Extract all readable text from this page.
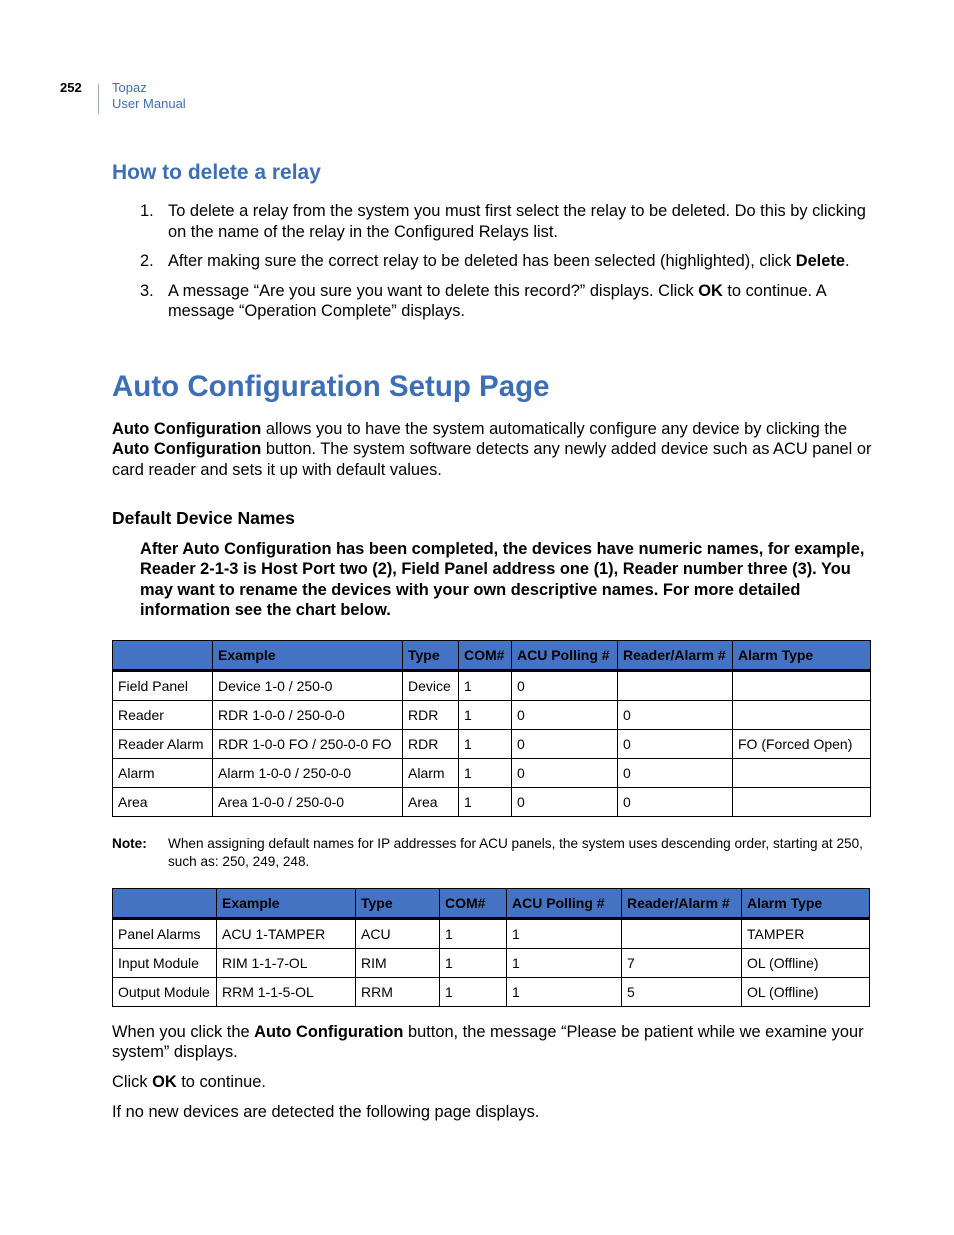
252 Topaz
User Manual
How to delete a relay
1. To delete a relay from the system you must first select the relay to be deleted. Do this by clicking on the name of the relay in the Configured Relays list.
2. After making sure the correct relay to be deleted has been selected (highlighted), click Delete.
3. A message “Are you sure you want to delete this record?” displays. Click OK to continue. A message “Operation Complete” displays.
Auto Configuration Setup Page

Auto Configuration allows you to have the system automatically configure any device by clicking the Auto Configuration button. The system software detects any newly added device such as ACU panel or card reader and sets it up with default values.

Default Device Names

After Auto Configuration has been completed, the devices have numeric names, for example, Reader 2-1-3 is Host Port two (2), Field Panel address one (1), Reader number three (3). You may want to rename the devices with your own descriptive names. For more detailed information see the chart below.

	Example	Type	COM#	ACU Polling #	Reader/Alarm #	Alarm Type
Field Panel	Device 1-0 / 250-0	Device	1	0		
Reader	RDR 1-0-0 / 250-0-0	RDR	1	0	0	
Reader Alarm	RDR 1-0-0 FO / 250-0-0 FO	RDR	1	0	0	FO (Forced Open)
Alarm	Alarm 1-0-0 / 250-0-0	Alarm	1	0	0	
Area	Area 1-0-0 / 250-0-0	Area	1	0	0	
Note: When assigning default names for IP addresses for ACU panels, the system uses descending order, starting at 250, such as: 250, 249, 248.
	Example	Type	COM#	ACU Polling #	Reader/Alarm #	Alarm Type
Panel Alarms	ACU 1-TAMPER	ACU	1	1		TAMPER
Input Module	RIM 1-1-7-OL	RIM	1	1	7	OL (Offline)
Output Module	RRM 1-1-5-OL	RRM	1	1	5	OL (Offline)

When you click the Auto Configuration button, the message “Please be patient while we examine your system” displays.

Click OK to continue.

If no new devices are detected the following page displays.
